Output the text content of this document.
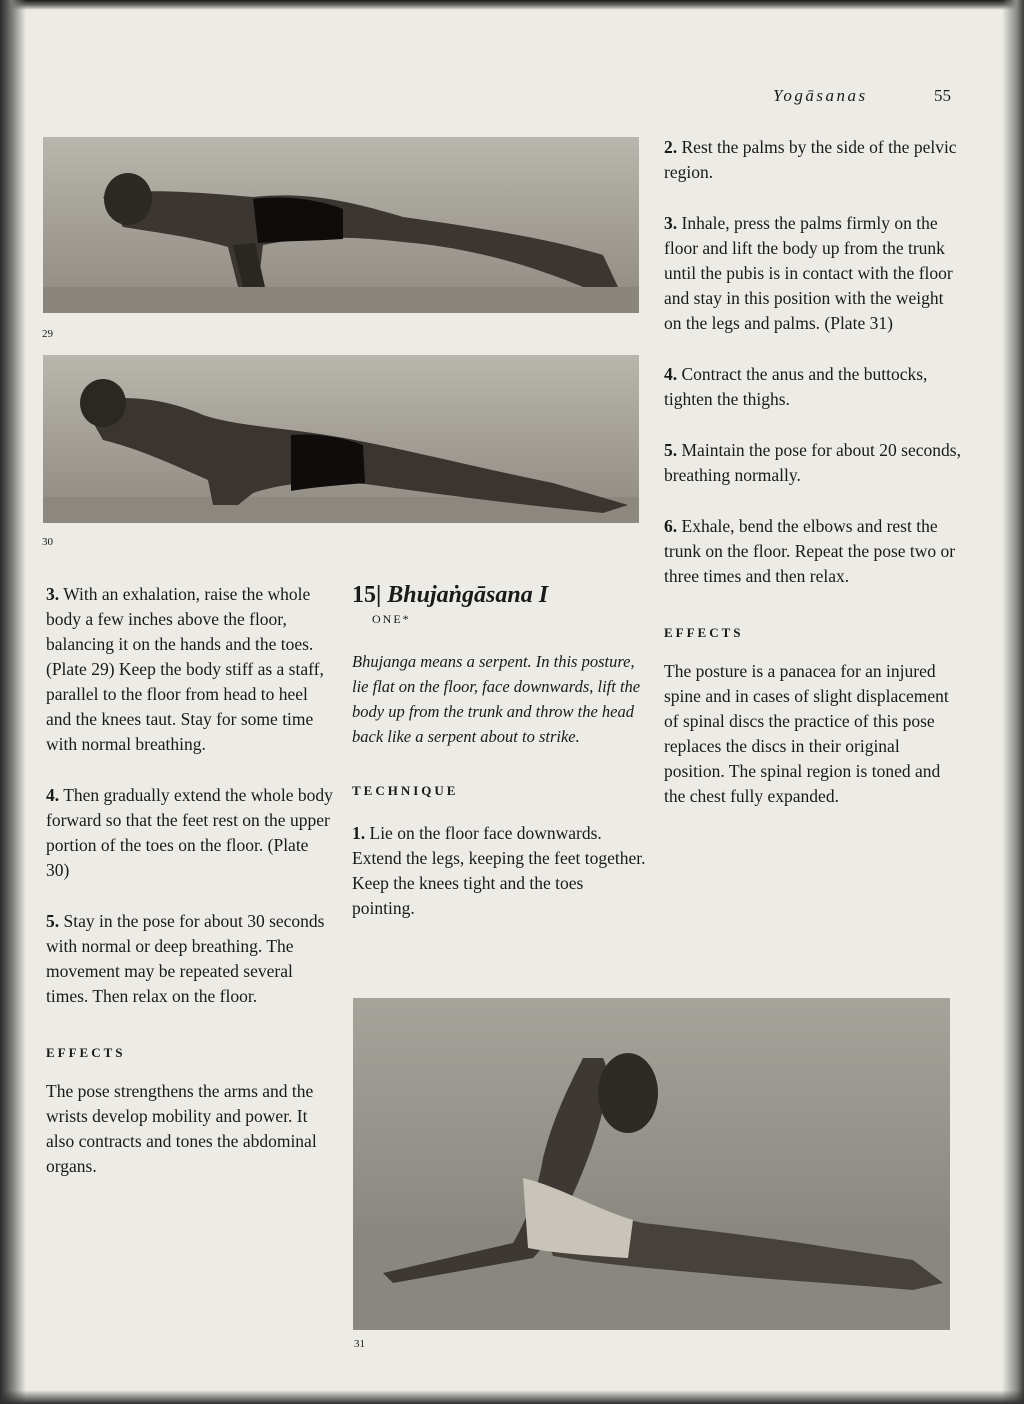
Yogāsanas	55
29
30
31

3. With an exhalation, raise the whole body a few inches above the floor, balancing it on the hands and the toes. (Plate 29) Keep the body stiff as a staff, parallel to the floor from head to heel and the knees taut. Stay for some time with normal breathing.

4. Then gradually extend the whole body forward so that the feet rest on the upper portion of the toes on the floor. (Plate 30)

5. Stay in the pose for about 30 seconds with normal or deep breathing. The movement may be repeated several times. Then relax on the floor.

EFFECTS

The pose strengthens the arms and the wrists develop mobility and power. It also contracts and tones the abdominal organs.

15| Bhujaṅgāsana I

ONE*

Bhujanga means a serpent. In this posture, lie flat on the floor, face downwards, lift the body up from the trunk and throw the head back like a serpent about to strike.

TECHNIQUE

1. Lie on the floor face downwards. Extend the legs, keeping the feet together. Keep the knees tight and the toes pointing.

2. Rest the palms by the side of the pelvic region.

3. Inhale, press the palms firmly on the floor and lift the body up from the trunk until the pubis is in contact with the floor and stay in this position with the weight on the legs and palms. (Plate 31)

4. Contract the anus and the buttocks, tighten the thighs.

5. Maintain the pose for about 20 seconds, breathing normally.

6. Exhale, bend the elbows and rest the trunk on the floor. Repeat the pose two or three times and then relax.

EFFECTS

The posture is a panacea for an injured spine and in cases of slight displacement of spinal discs the practice of this pose replaces the discs in their original position. The spinal region is toned and the chest fully expanded.
